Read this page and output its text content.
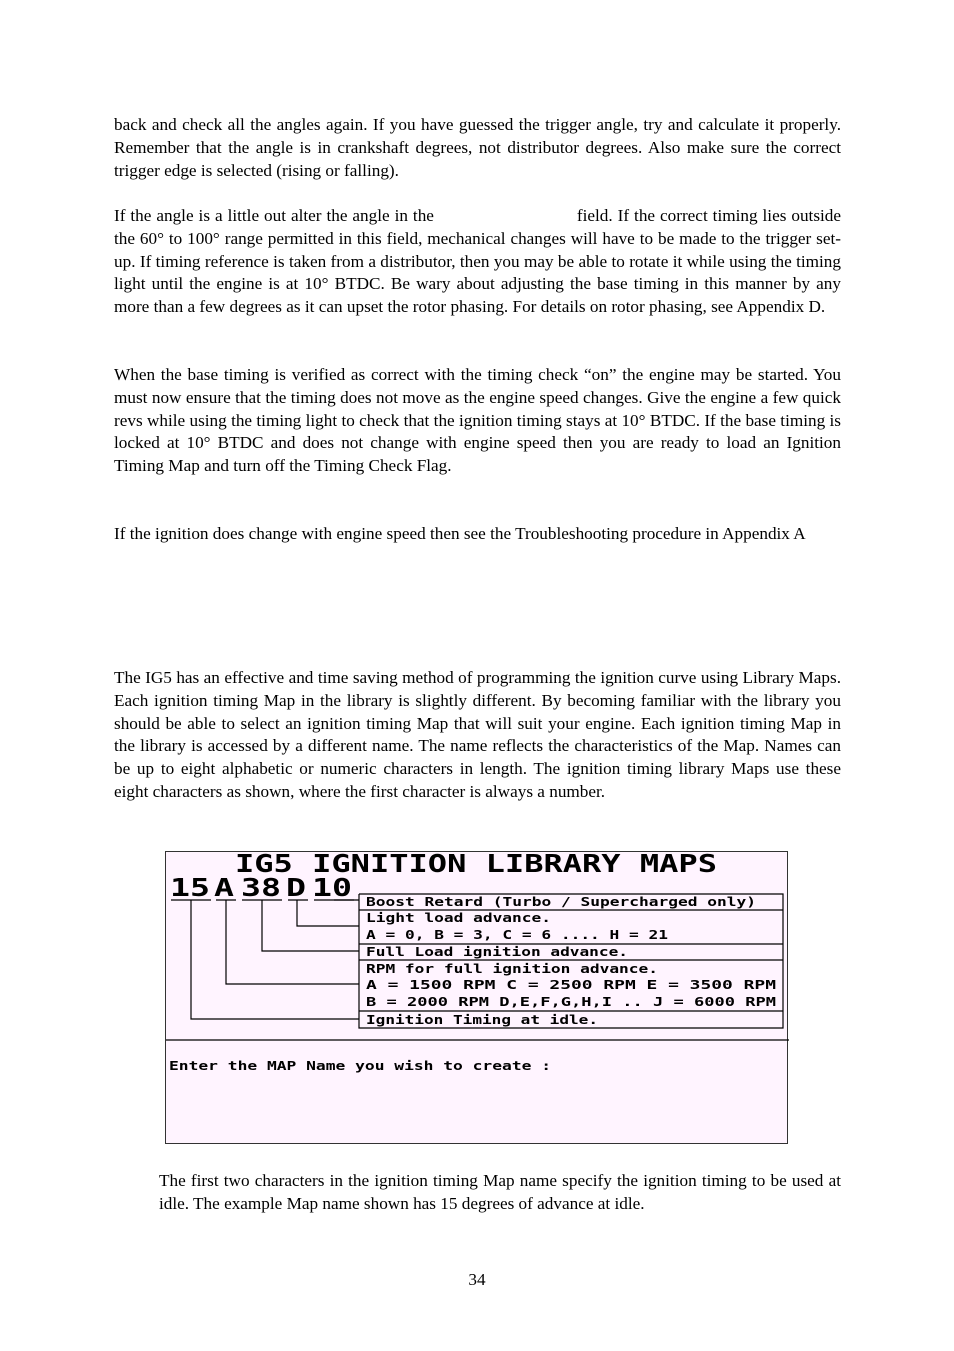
back and check all the angles again. If you have guessed the trigger angle, try and calculate it properly. Remember that the angle is in crankshaft degrees, not distributor degrees. Also make sure the correct trigger edge is selected (rising or falling).

If the angle is a little out alter the angle in the	field. If the correct timing lies outside the 60° to 100° range permitted in this field, mechanical changes will have to be made to the trigger set-up. If timing reference is taken from a distributor, then you may be able to rotate it while using the timing light until the engine is at 10° BTDC. Be wary about adjusting the base timing in this manner by any more than a few degrees as it can upset the rotor phasing. For details on rotor phasing, see Appendix D.

When the base timing is verified as correct with the timing check “on” the engine may be started. You must now ensure that the timing does not move as the engine speed changes. Give the engine a few quick revs while using the timing light to check that the ignition timing stays at 10° BTDC. If the base timing is locked at 10° BTDC and does not change with engine speed then you are ready to load an Ignition Timing Map and turn off the Timing Check Flag.

If the ignition does change with engine speed then see the Troubleshooting procedure in Appendix A

The IG5 has an effective and time saving method of programming the ignition curve using Library Maps. Each ignition timing Map in the library is slightly different. By becoming familiar with the library you should be able to select an ignition timing Map that will suit your engine. Each ignition timing Map in the library is accessed by a different name. The name reflects the characteristics of the Map. Names can be up to eight alphabetic or numeric characters in length. The ignition timing library Maps use these eight characters as shown, where the first character is always a number.

IG5 IGNITION LIBRARY MAPS
15 A 38 D 10 Boost Retard (Turbo / Supercharged only)
Light load advance.
A = 0, B = 3, C = 6 .... H = 21
Full Load ignition advance.
RPM for full ignition advance.
A = 1500 RPM C = 2500 RPM E = 3500 RPM
B = 2000 RPM D,E,F,G,H,I .. J = 6000 RPM
Ignition Timing at idle.
Enter the MAP Name you wish to create :

The first two characters in the ignition timing Map name specify the ignition timing to be used at idle. The example Map name shown has 15 degrees of advance at idle.

34
